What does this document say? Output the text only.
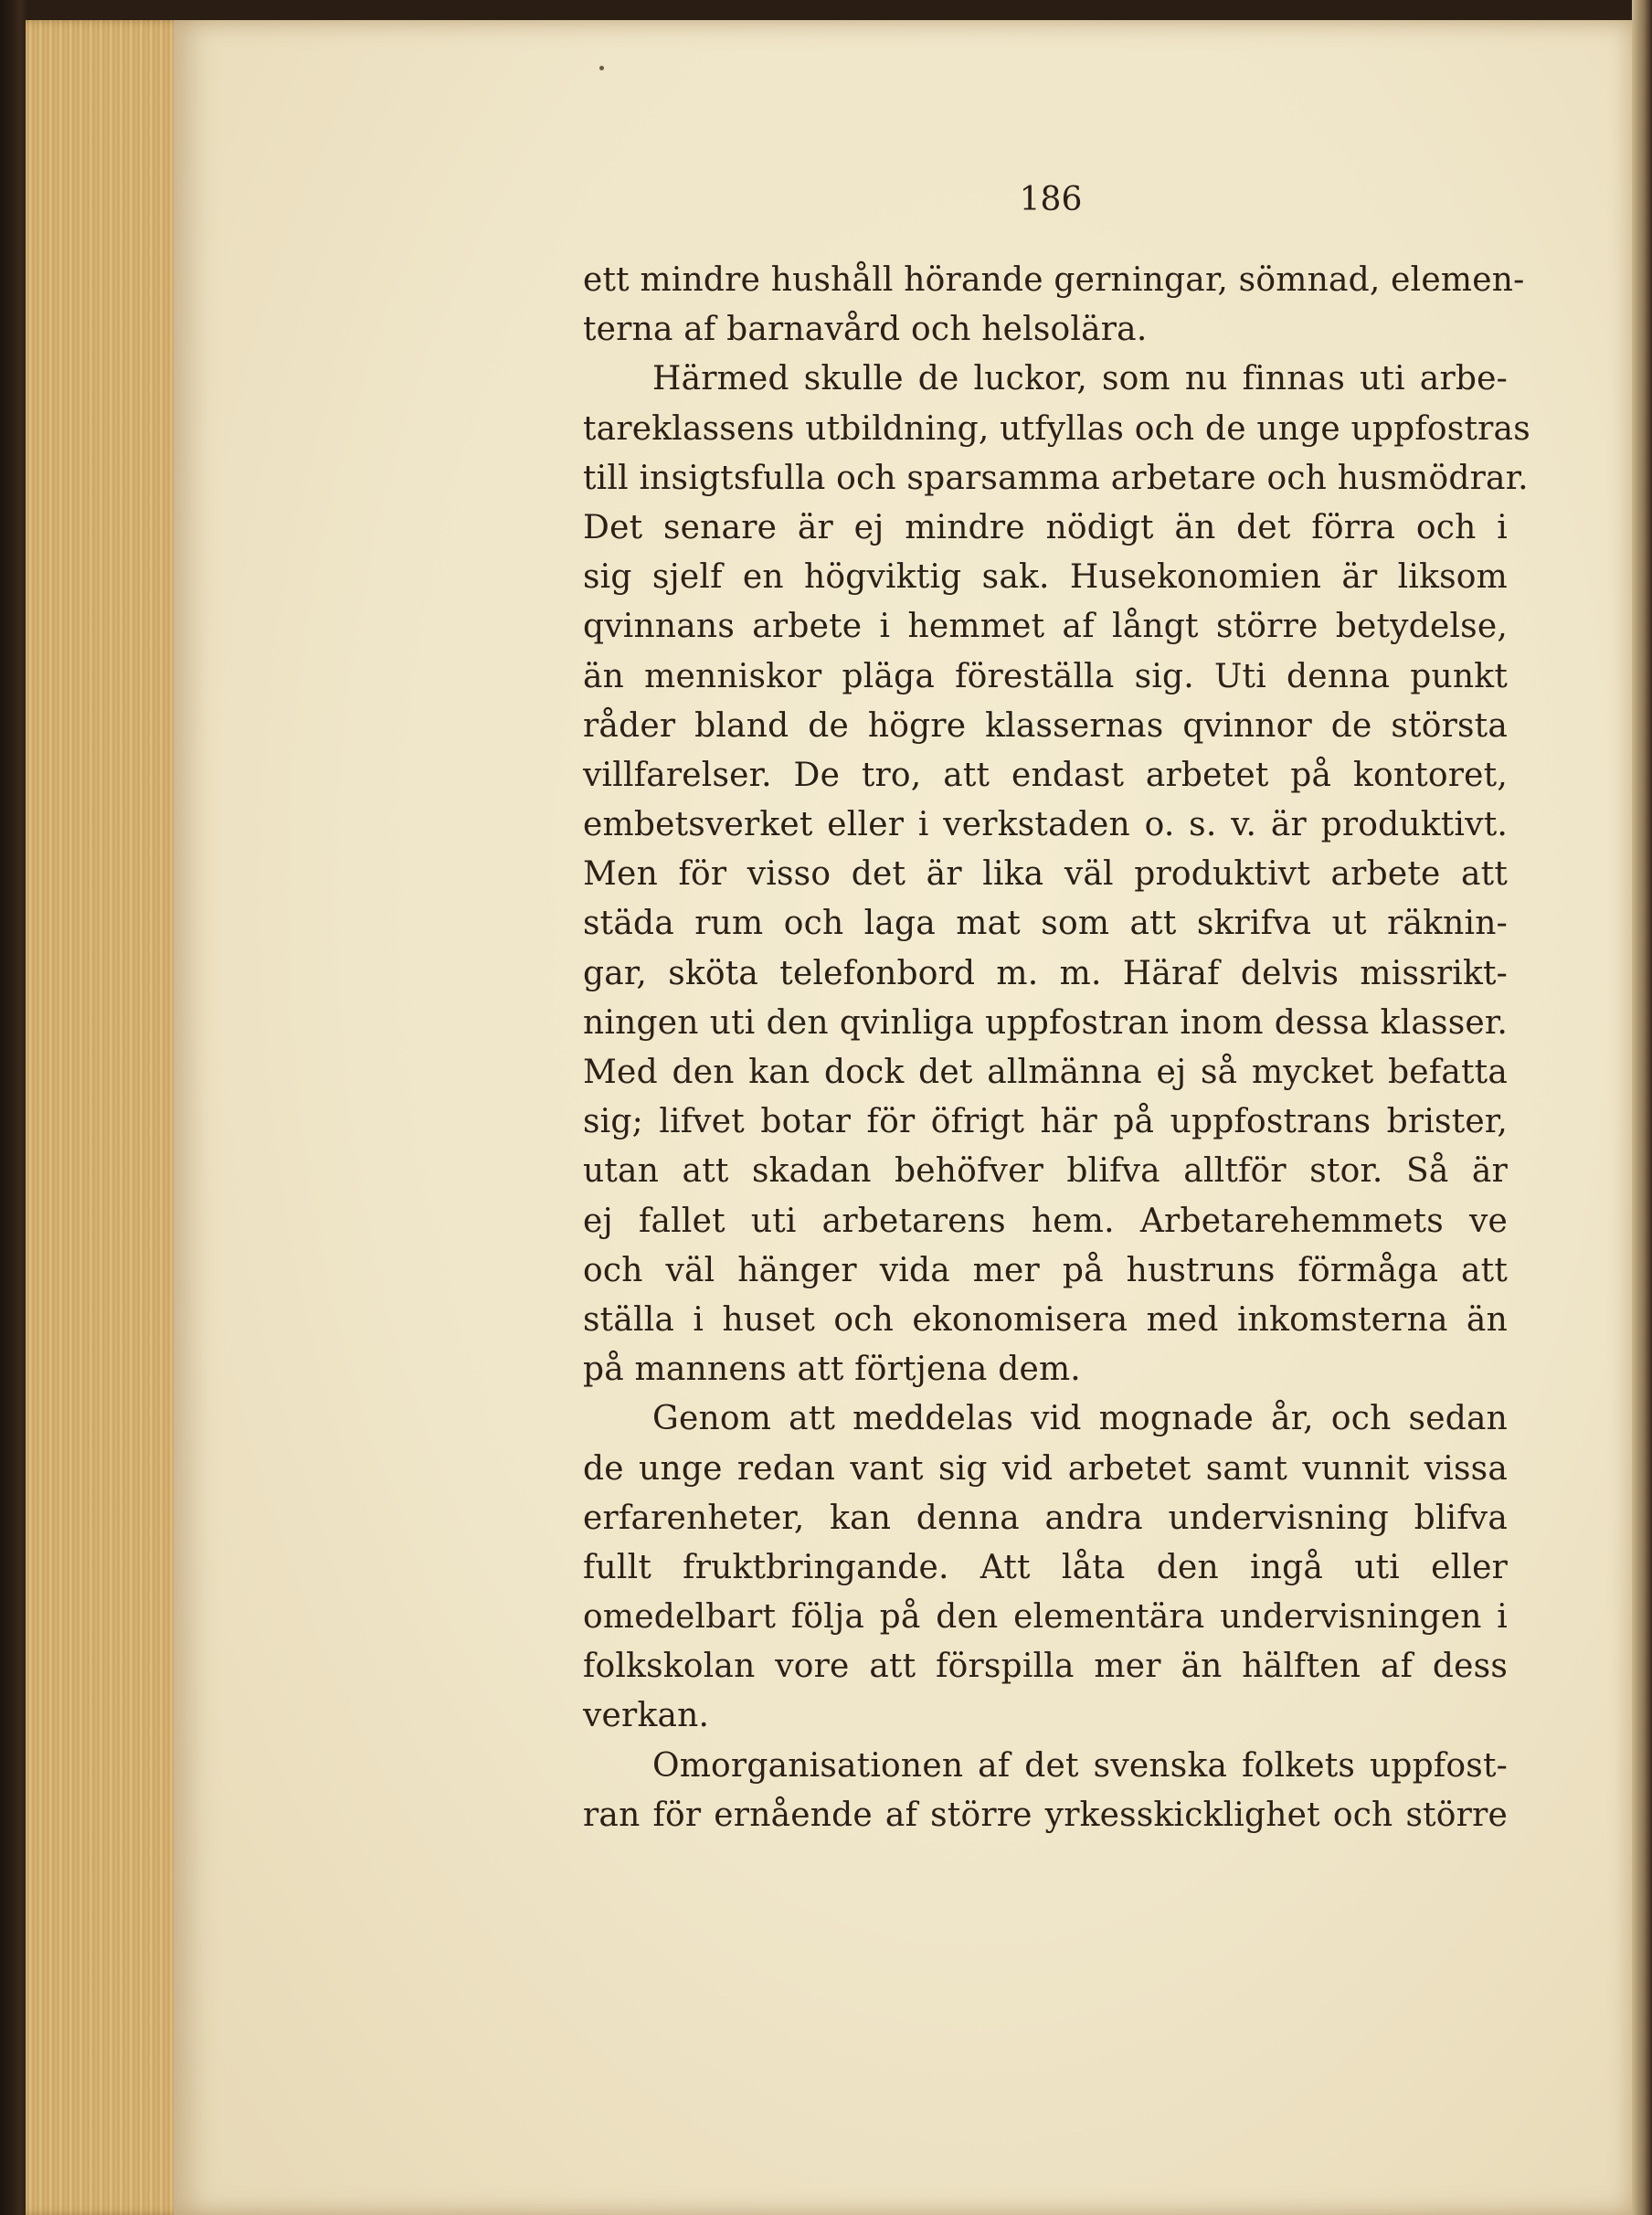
186
ett mindre hushåll hörande gerningar, sömnad, elemen-
terna af barnavård och helsolära.
Härmed skulle de luckor, som nu finnas uti arbe-
tareklassens utbildning, utfyllas och de unge uppfostras
till insigtsfulla och sparsamma arbetare och husmödrar.
Det senare är ej mindre nödigt än det förra och i
sig sjelf en högviktig sak. Husekonomien är liksom
qvinnans arbete i hemmet af långt större betydelse,
än menniskor pläga föreställa sig. Uti denna punkt
råder bland de högre klassernas qvinnor de största
villfarelser. De tro, att endast arbetet på kontoret,
embetsverket eller i verkstaden o. s. v. är produktivt.
Men för visso det är lika väl produktivt arbete att
städa rum och laga mat som att skrifva ut räknin-
gar, sköta telefonbord m. m. Häraf delvis missrikt-
ningen uti den qvinliga uppfostran inom dessa klasser.
Med den kan dock det allmänna ej så mycket befatta
sig; lifvet botar för öfrigt här på uppfostrans brister,
utan att skadan behöfver blifva alltför stor. Så är
ej fallet uti arbetarens hem. Arbetarehemmets ve
och väl hänger vida mer på hustruns förmåga att
ställa i huset och ekonomisera med inkomsterna än
på mannens att förtjena dem.
Genom att meddelas vid mognade år, och sedan
de unge redan vant sig vid arbetet samt vunnit vissa
erfarenheter, kan denna andra undervisning blifva
fullt fruktbringande. Att låta den ingå uti eller
omedelbart följa på den elementära undervisningen i
folkskolan vore att förspilla mer än hälften af dess
verkan.
Omorganisationen af det svenska folkets uppfost-
ran för ernående af större yrkesskicklighet och större
